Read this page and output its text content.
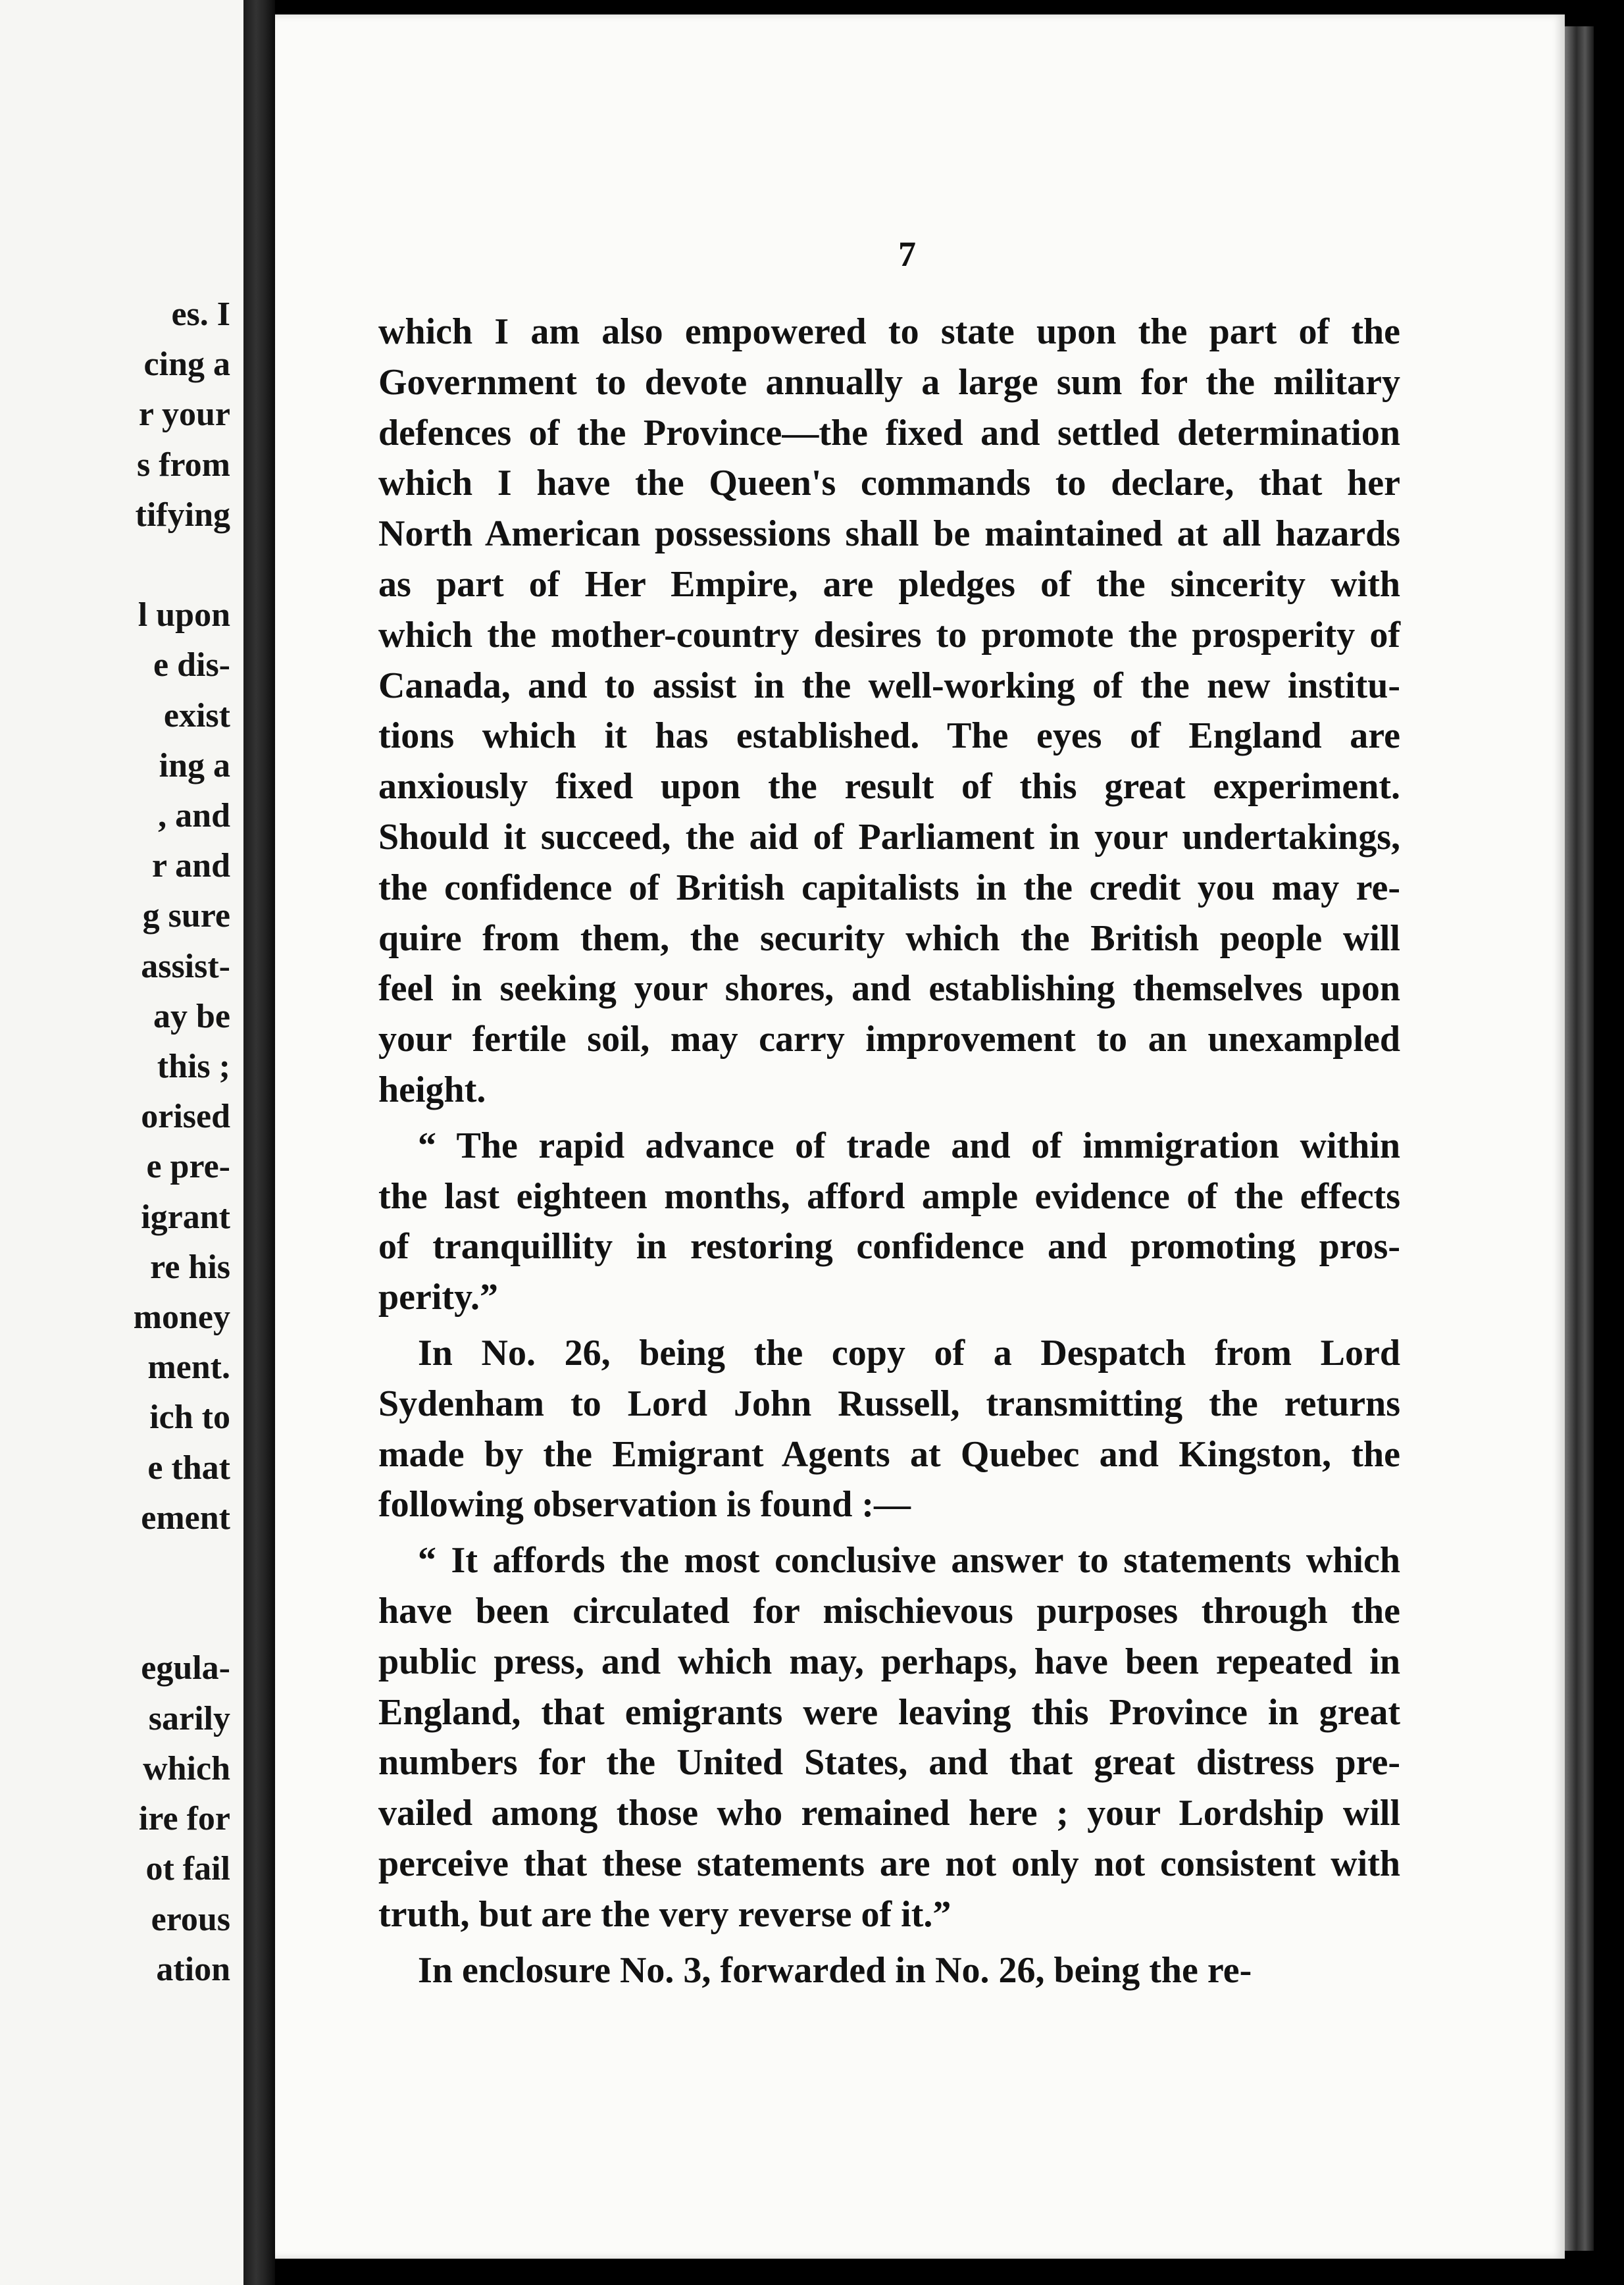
es. I
cing a
r your
s from
tifying

l upon
e dis-
exist
ing a
, and
r and
g sure
assist-
ay be
this ;
orised
e pre-
igrant
re his
money
ment.
ich to
e that
ement

egula-
sarily
which
ire for
ot fail
erous
ation
7
which I am also empowered to state upon the part of the
Government to devote annually a large sum for the military
defences of the Province—the fixed and settled determination
which I have the Queen's commands to declare, that her
North American possessions shall be maintained at all hazards
as part of Her Empire, are pledges of the sincerity with
which the mother-country desires to promote the prosperity of
Canada, and to assist in the well-working of the new institu-
tions which it has established. The eyes of England are
anxiously fixed upon the result of this great experiment.
Should it succeed, the aid of Parliament in your undertakings,
the confidence of British capitalists in the credit you may re-
quire from them, the security which the British people will
feel in seeking your shores, and establishing themselves upon
your fertile soil, may carry improvement to an unexampled
height.
“ The rapid advance of trade and of immigration within
the last eighteen months, afford ample evidence of the effects
of tranquillity in restoring confidence and promoting pros-
perity.”
In No. 26, being the copy of a Despatch from Lord
Sydenham to Lord John Russell, transmitting the returns
made by the Emigrant Agents at Quebec and Kingston, the
following observation is found :—
“ It affords the most conclusive answer to statements which
have been circulated for mischievous purposes through the
public press, and which may, perhaps, have been repeated in
England, that emigrants were leaving this Province in great
numbers for the United States, and that great distress pre-
vailed among those who remained here ; your Lordship will
perceive that these statements are not only not consistent with
truth, but are the very reverse of it.”
In enclosure No. 3, forwarded in No. 26, being the re-
